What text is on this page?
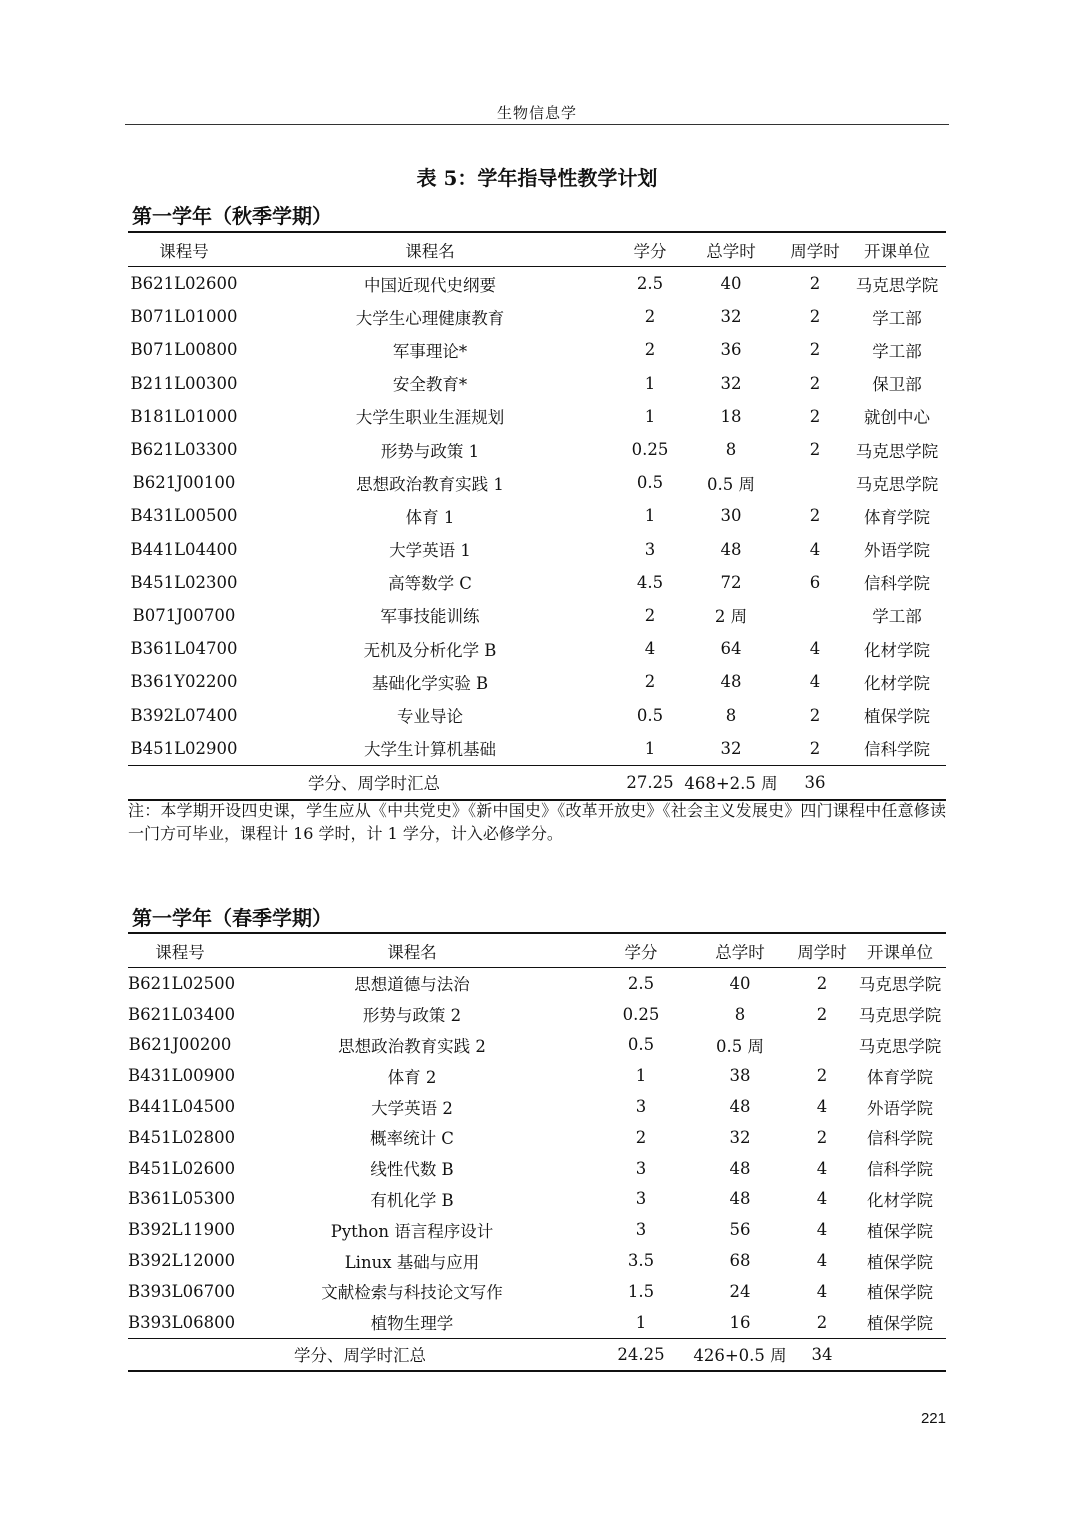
生物信息学
表 5：学年指导性教学计划
第一学年（秋季学期）
课程号	课程名	学分	总学时	周学时	开课单位
B621L02600	中国近现代史纲要	2.5	40	2	马克思学院
B071L01000	大学生心理健康教育	2	32	2	学工部
B071L00800	军事理论*	2	36	2	学工部
B211L00300	安全教育*	1	32	2	保卫部
B181L01000	大学生职业生涯规划	1	18	2	就创中心
B621L03300	形势与政策 1	0.25	8	2	马克思学院
B621J00100	思想政治教育实践 1	0.5	0.5 周		马克思学院
B431L00500	体育 1	1	30	2	体育学院
B441L04400	大学英语 1	3	48	4	外语学院
B451L02300	高等数学 C	4.5	72	6	信科学院
B071J00700	军事技能训练	2	2 周		学工部
B361L04700	无机及分析化学 B	4	64	4	化材学院
B361Y02200	基础化学实验 B	2	48	4	化材学院
B392L07400	专业导论	0.5	8	2	植保学院
B451L02900	大学生计算机基础	1	32	2	信科学院
学分、周学时汇总		27.25	468+2.5 周	36	
注：本学期开设四史课，学生应从《中共党史》《新中国史》《改革开放史》《社会主义发展史》四门课程中任意修读一门方可毕业，课程计 16 学时，计 1 学分，计入必修学分。
第一学年（春季学期）
课程号	课程名	学分	总学时	周学时	开课单位
B621L02500	思想道德与法治	2.5	40	2	马克思学院
B621L03400	形势与政策 2	0.25	8	2	马克思学院
B621J00200	思想政治教育实践 2	0.5	0.5 周		马克思学院
B431L00900	体育 2	1	38	2	体育学院
B441L04500	大学英语 2	3	48	4	外语学院
B451L02800	概率统计 C	2	32	2	信科学院
B451L02600	线性代数 B	3	48	4	信科学院
B361L05300	有机化学 B	3	48	4	化材学院
B392L11900	Python 语言程序设计	3	56	4	植保学院
B392L12000	Linux 基础与应用	3.5	68	4	植保学院
B393L06700	文献检索与科技论文写作	1.5	24	4	植保学院
B393L06800	植物生理学	1	16	2	植保学院
学分、周学时汇总		24.25	426+0.5 周	34	
221
